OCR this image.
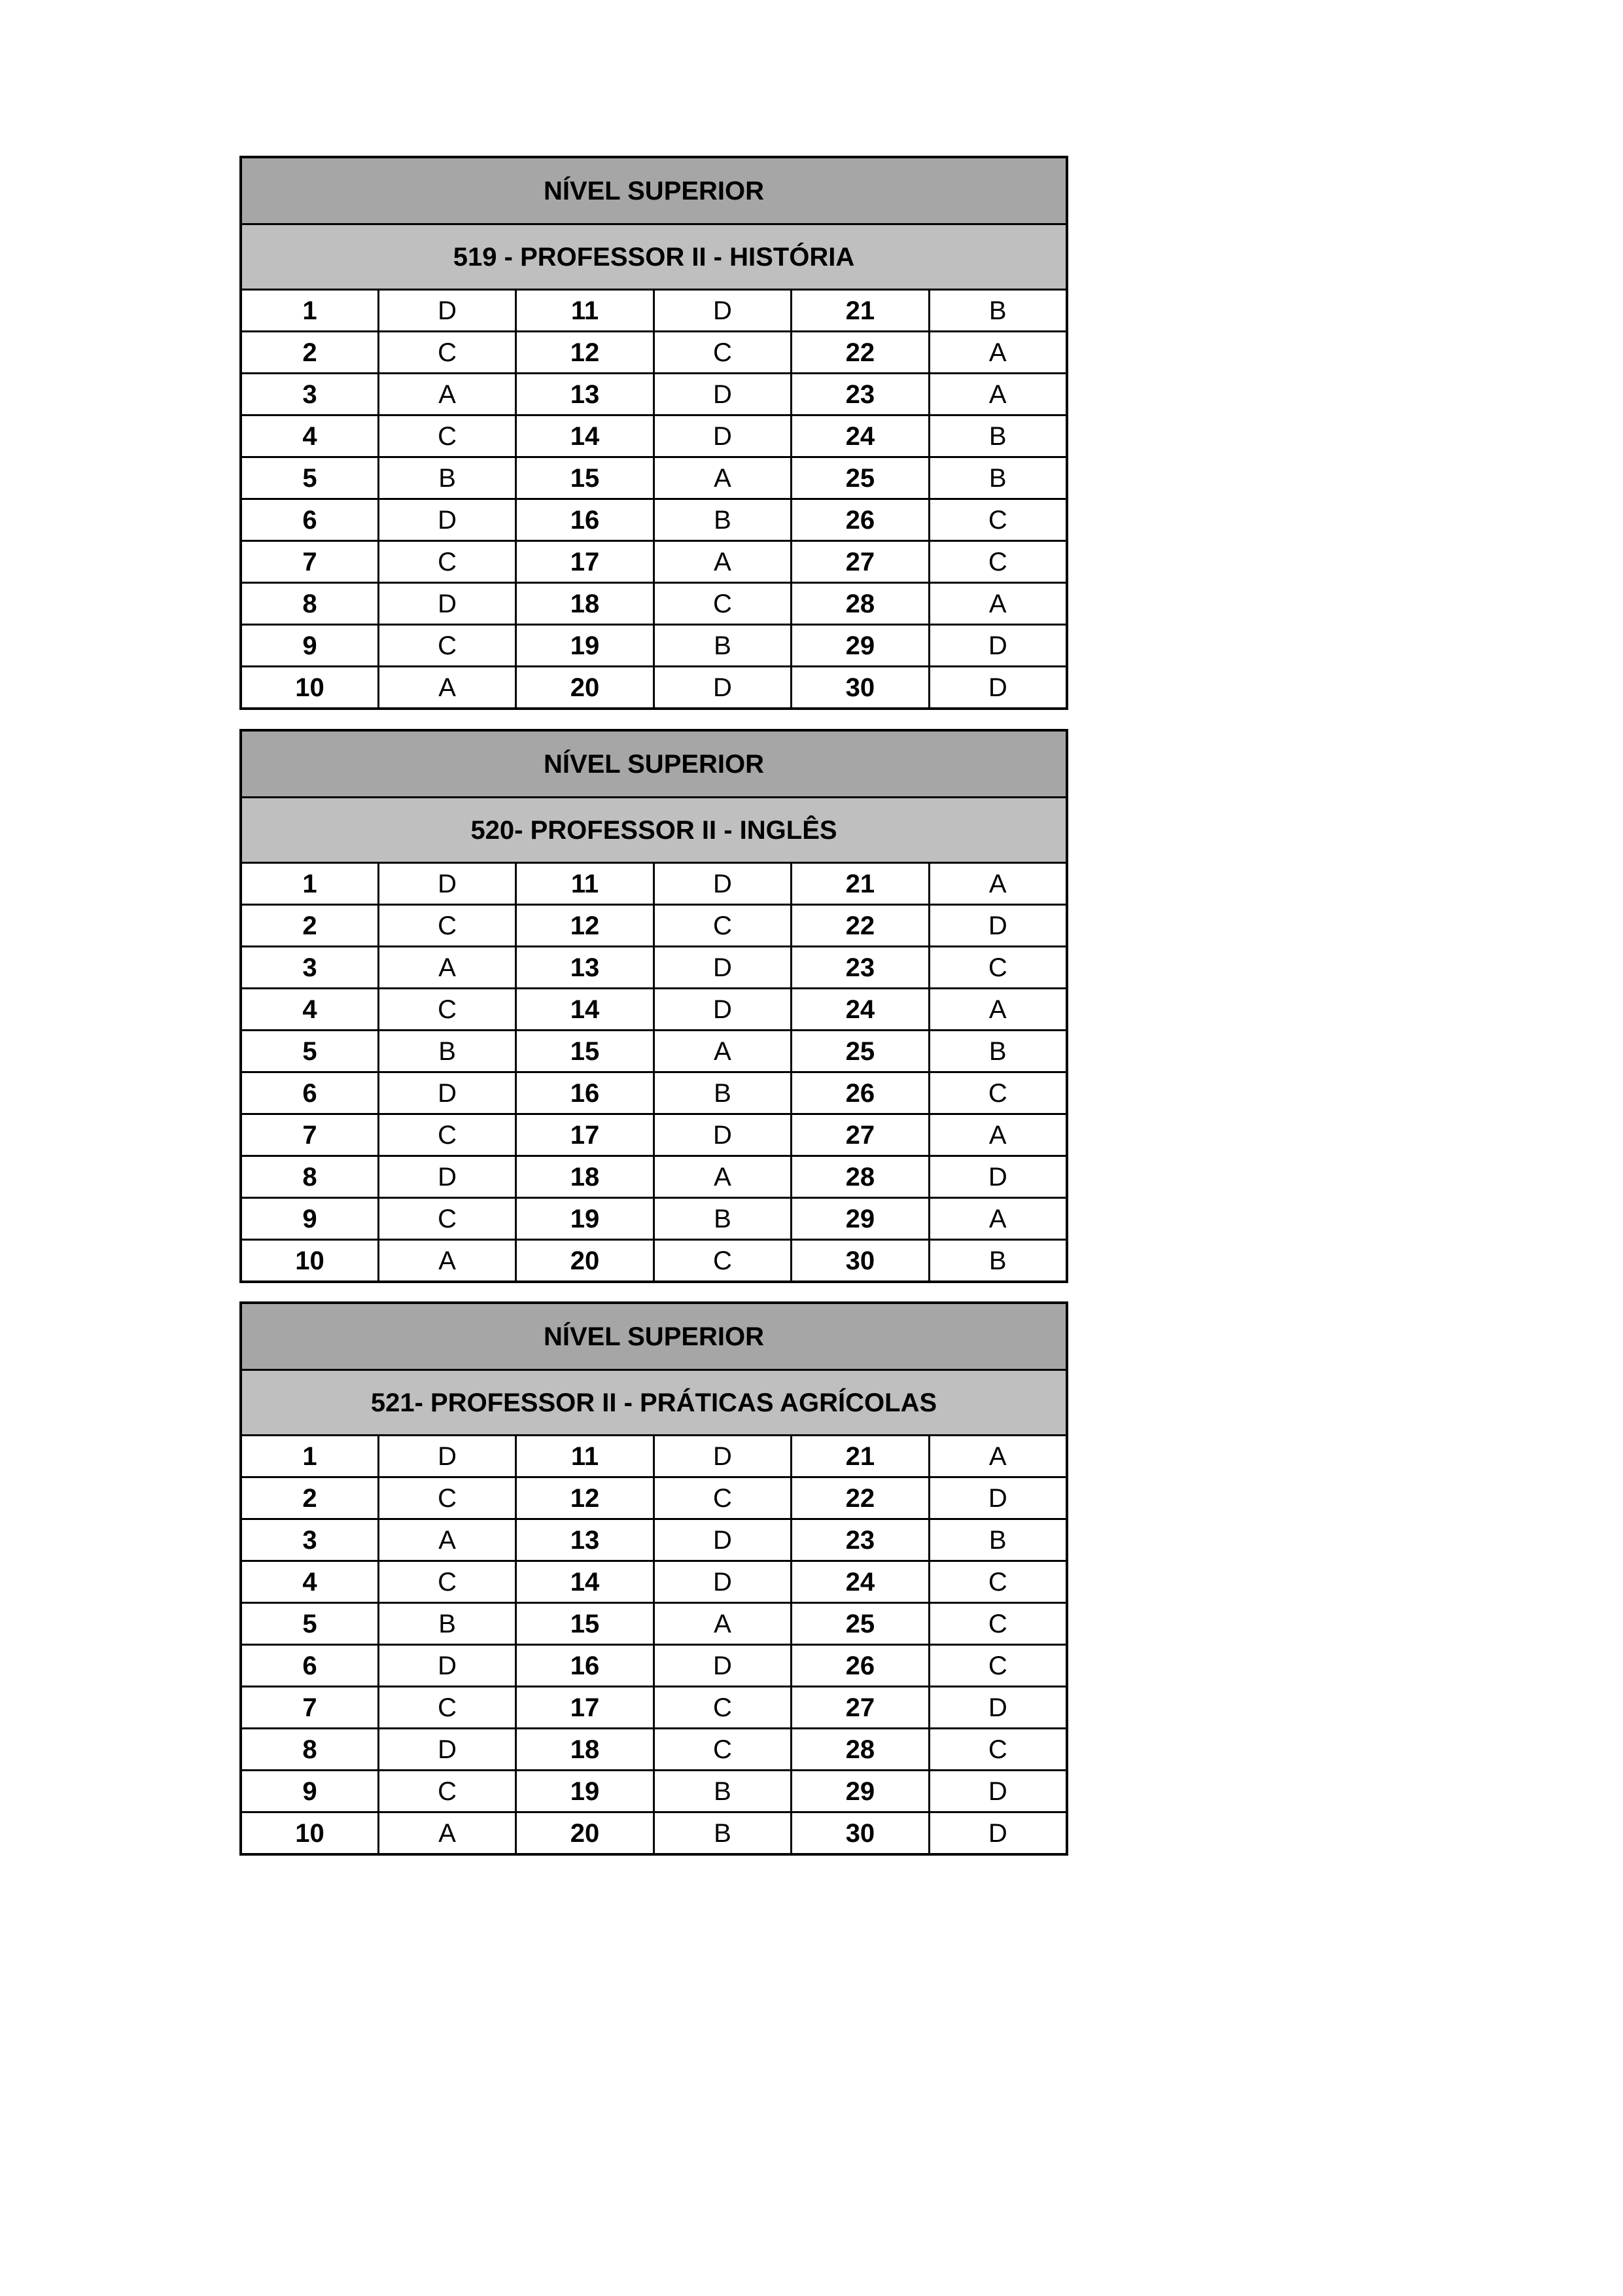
NÍVEL SUPERIOR					
519 - PROFESSOR II - HISTÓRIA					
1	D	11	D	21	B
2	C	12	C	22	A
3	A	13	D	23	A
4	C	14	D	24	B
5	B	15	A	25	B
6	D	16	B	26	C
7	C	17	A	27	C
8	D	18	C	28	A
9	C	19	B	29	D
10	A	20	D	30	D
NÍVEL SUPERIOR					
520- PROFESSOR II - INGLÊS					
1	D	11	D	21	A
2	C	12	C	22	D
3	A	13	D	23	C
4	C	14	D	24	A
5	B	15	A	25	B
6	D	16	B	26	C
7	C	17	D	27	A
8	D	18	A	28	D
9	C	19	B	29	A
10	A	20	C	30	B
NÍVEL SUPERIOR					
521- PROFESSOR II - PRÁTICAS AGRÍCOLAS					
1	D	11	D	21	A
2	C	12	C	22	D
3	A	13	D	23	B
4	C	14	D	24	C
5	B	15	A	25	C
6	D	16	D	26	C
7	C	17	C	27	D
8	D	18	C	28	C
9	C	19	B	29	D
10	A	20	B	30	D
